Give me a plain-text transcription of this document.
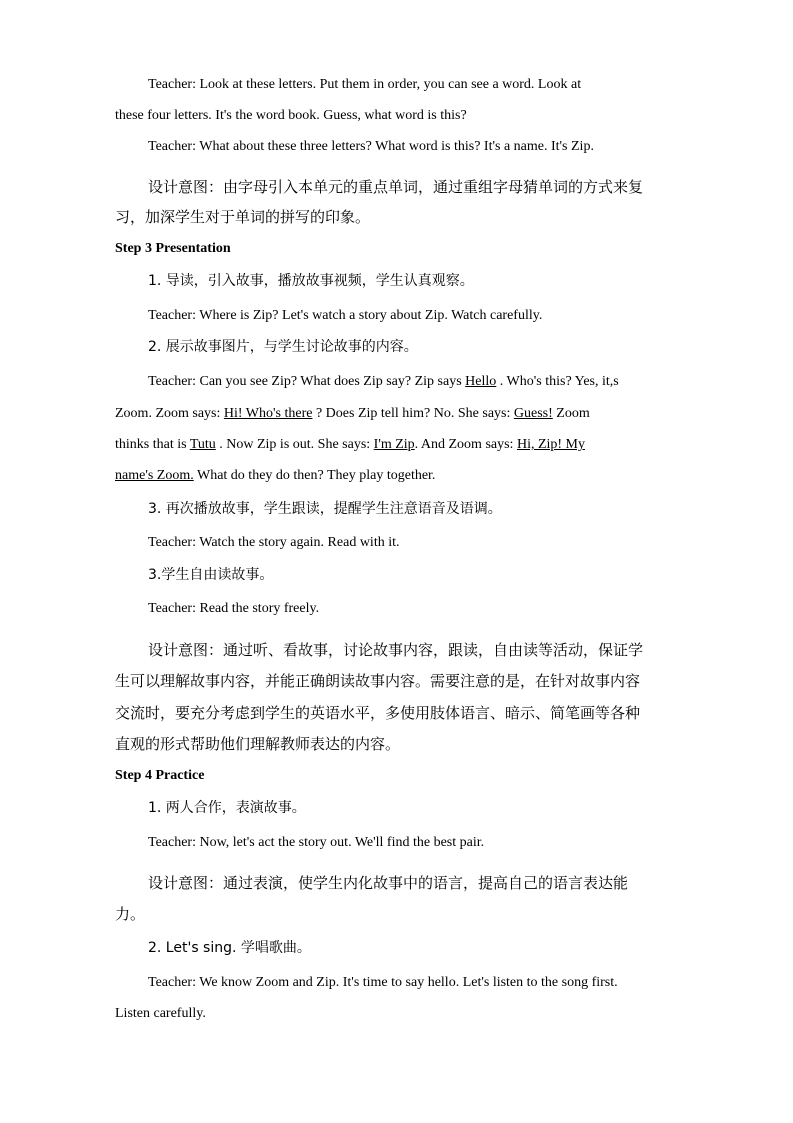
Teacher: Look at these letters. Put them in order, you can see a word. Look at
these four letters. It's the word book. Guess, what word is this?
Teacher: What about these three letters? What word is this? It's a name. It's Zip.
设计意图：由字母引入本单元的重点单词，通过重组字母猜单词的方式来复
习，加深学生对于单词的拼写的印象。
Step 3 Presentation
1. 导读，引入故事，播放故事视频，学生认真观察。
Teacher: Where is Zip? Let's watch a story about Zip. Watch carefully.
2. 展示故事图片，与学生讨论故事的内容。
Teacher: Can you see Zip? What does Zip say? Zip says Hello . Who's this? Yes, it,s
Zoom. Zoom says: Hi! Who's there ? Does Zip tell him? No. She says: Guess! Zoom
thinks that is Tutu . Now Zip is out. She says: I'm Zip. And Zoom says: Hi, Zip! My
name's Zoom. What do they do then? They play together.
3. 再次播放故事，学生跟读，提醒学生注意语音及语调。
Teacher: Watch the story again. Read with it.
3.学生自由读故事。
Teacher: Read the story freely.
设计意图：通过听、看故事，讨论故事内容，跟读，自由读等活动，保证学
生可以理解故事内容，并能正确朗读故事内容。需要注意的是，在针对故事内容
交流时，要充分考虑到学生的英语水平，多使用肢体语言、暗示、简笔画等各种
直观的形式帮助他们理解教师表达的内容。
Step 4 Practice
1. 两人合作，表演故事。
Teacher: Now, let's act the story out. We'll find the best pair.
设计意图：通过表演，使学生内化故事中的语言，提高自己的语言表达能
力。
2. Let's sing. 学唱歌曲。
Teacher: We know Zoom and Zip. It's time to say hello. Let's listen to the song first.
Listen carefully.
